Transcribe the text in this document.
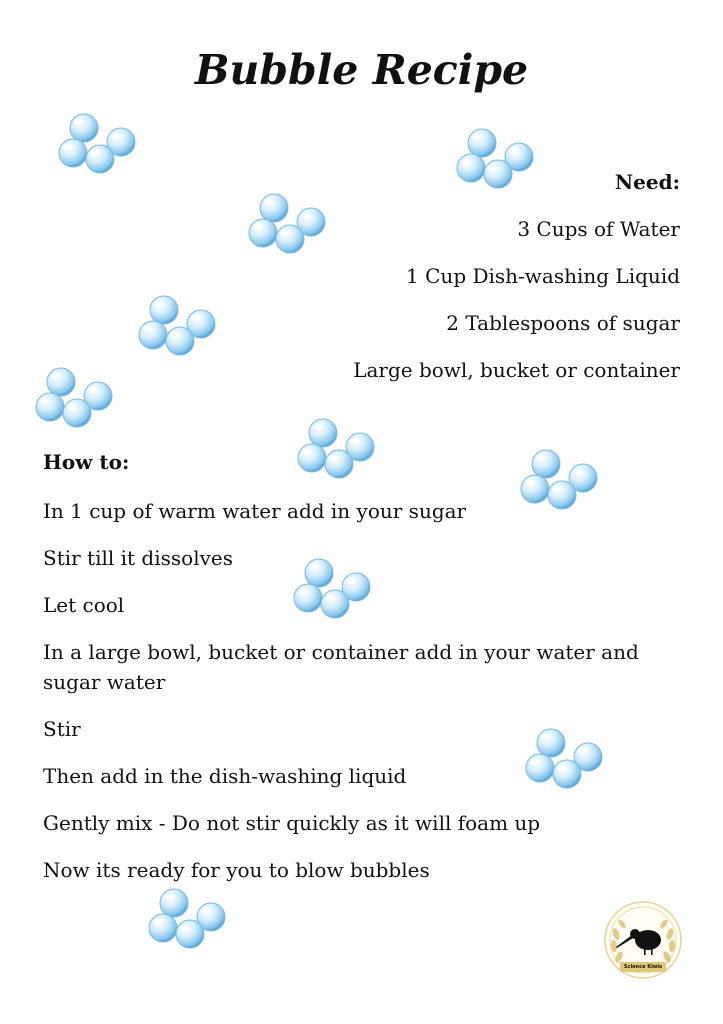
Bubble Recipe
Need:
3 Cups of Water
1 Cup Dish-washing Liquid
2 Tablespoons of sugar
Large bowl, bucket or container
How to:
In 1 cup of warm water add in your sugar
Stir till it dissolves
Let cool
In a large bowl, bucket or container add in your water and sugar water
Stir
Then add in the dish-washing liquid
Gently mix - Do not stir quickly as it will foam up
Now its ready for you to blow bubbles
Science Kiwis
